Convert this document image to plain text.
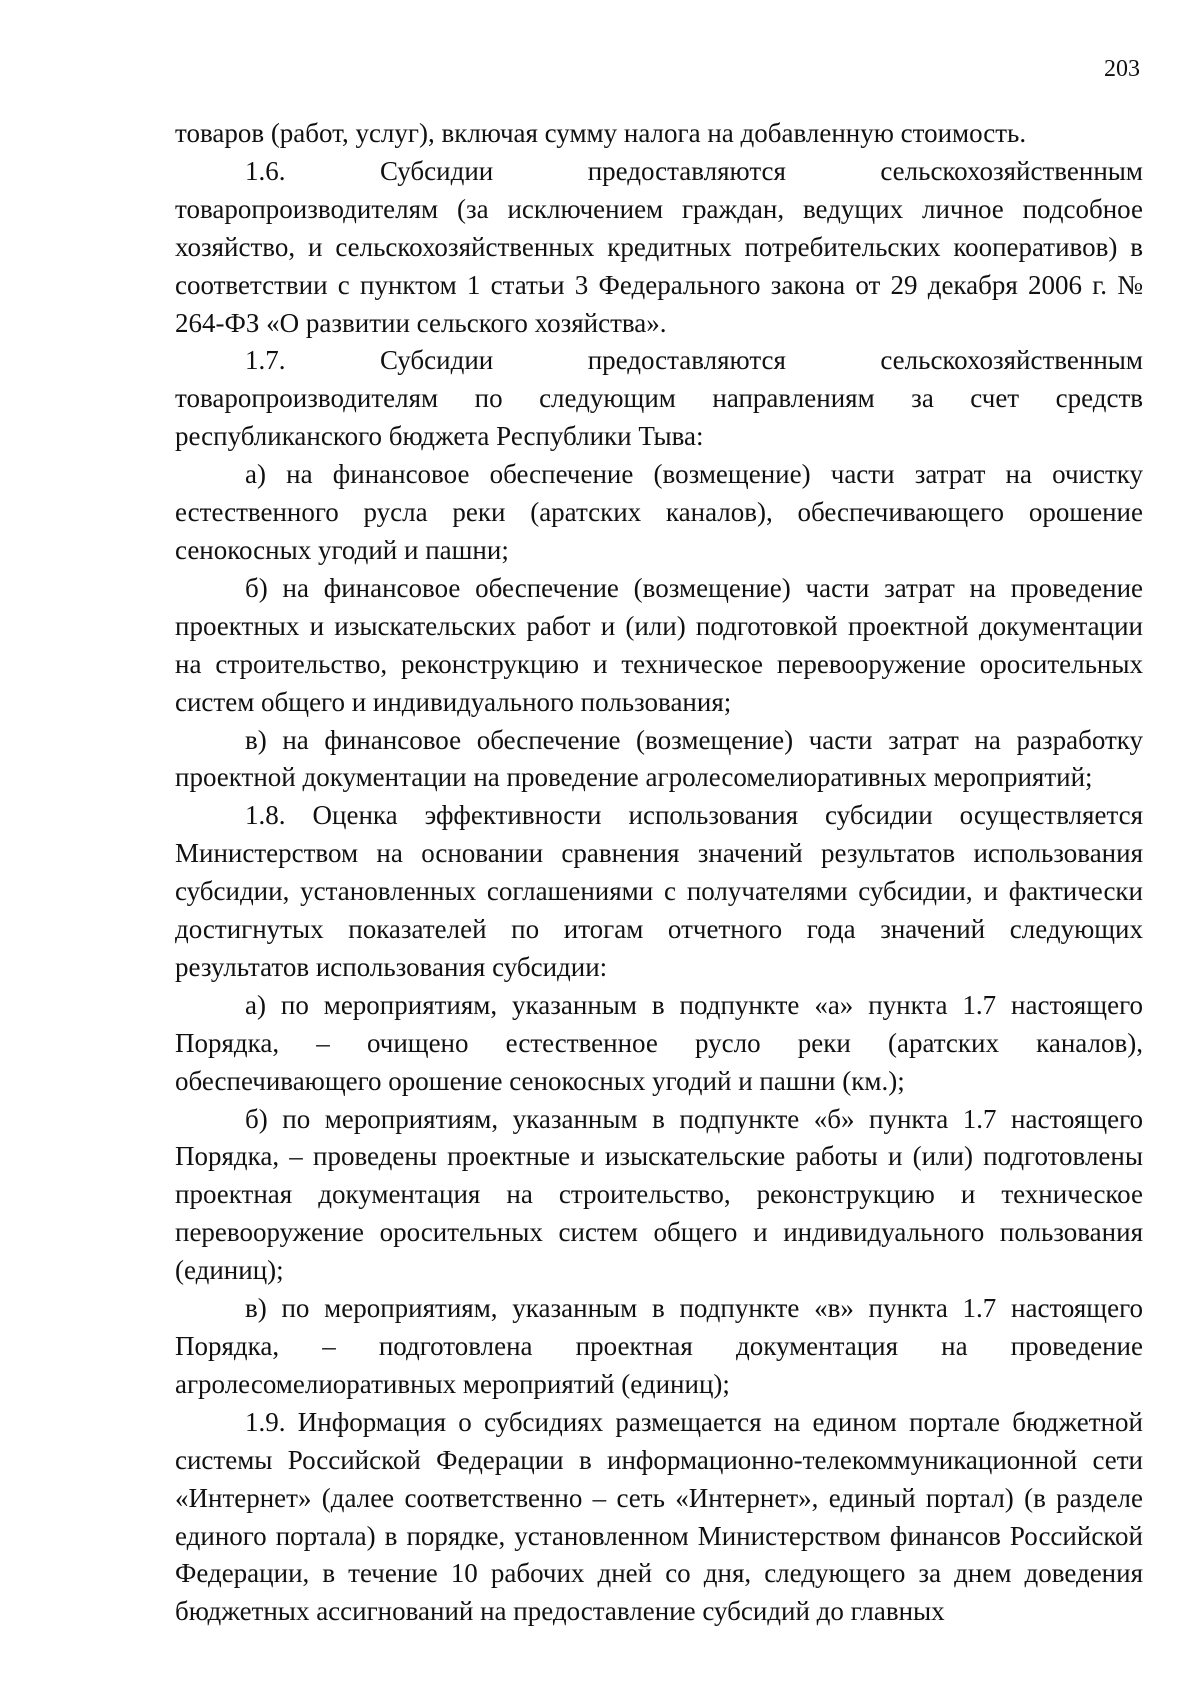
203

товаров (работ, услуг), включая сумму налога на добавленную стоимость.

1.6. Субсидии предоставляются сельскохозяйственным товаропроизводителям (за исключением граждан, ведущих личное подсобное хозяйство, и сельскохозяйственных кредитных потребительских кооперативов) в соответствии с пунктом 1 статьи 3 Федерального закона от 29 декабря 2006 г. № 264-ФЗ «О развитии сельского хозяйства».

1.7. Субсидии предоставляются сельскохозяйственным товаропроизводителям по следующим направлениям за счет средств республиканского бюджета Республики Тыва:

а) на финансовое обеспечение (возмещение) части затрат на очистку естественного русла реки (аратских каналов), обеспечивающего орошение сенокосных угодий и пашни;

б) на финансовое обеспечение (возмещение) части затрат на проведение проектных и изыскательских работ и (или) подготовкой проектной документации на строительство, реконструкцию и техническое перевооружение оросительных систем общего и индивидуального пользования;

в) на финансовое обеспечение (возмещение) части затрат на разработку проектной документации на проведение агролесомелиоративных мероприятий;

1.8. Оценка эффективности использования субсидии осуществляется Министерством на основании сравнения значений результатов использования субсидии, установленных соглашениями с получателями субсидии, и фактически достигнутых показателей по итогам отчетного года значений следующих результатов использования субсидии:

а) по мероприятиям, указанным в подпункте «а» пункта 1.7 настоящего Порядка, – очищено естественное русло реки (аратских каналов), обеспечивающего орошение сенокосных угодий и пашни (км.);

б) по мероприятиям, указанным в подпункте «б» пункта 1.7 настоящего Порядка, – проведены проектные и изыскательские работы и (или) подготовлены проектная документация на строительство, реконструкцию и техническое перевооружение оросительных систем общего и индивидуального пользования (единиц);

в) по мероприятиям, указанным в подпункте «в» пункта 1.7 настоящего Порядка, – подготовлена проектная документация на проведение агролесомелиоративных мероприятий (единиц);

1.9. Информация о субсидиях размещается на едином портале бюджетной системы Российской Федерации в информационно-телекоммуникационной сети «Интернет» (далее соответственно – сеть «Интернет», единый портал) (в разделе единого портала) в порядке, установленном Министерством финансов Российской Федерации, в течение 10 рабочих дней со дня, следующего за днем доведения бюджетных ассигнований на предоставление субсидий до главных
